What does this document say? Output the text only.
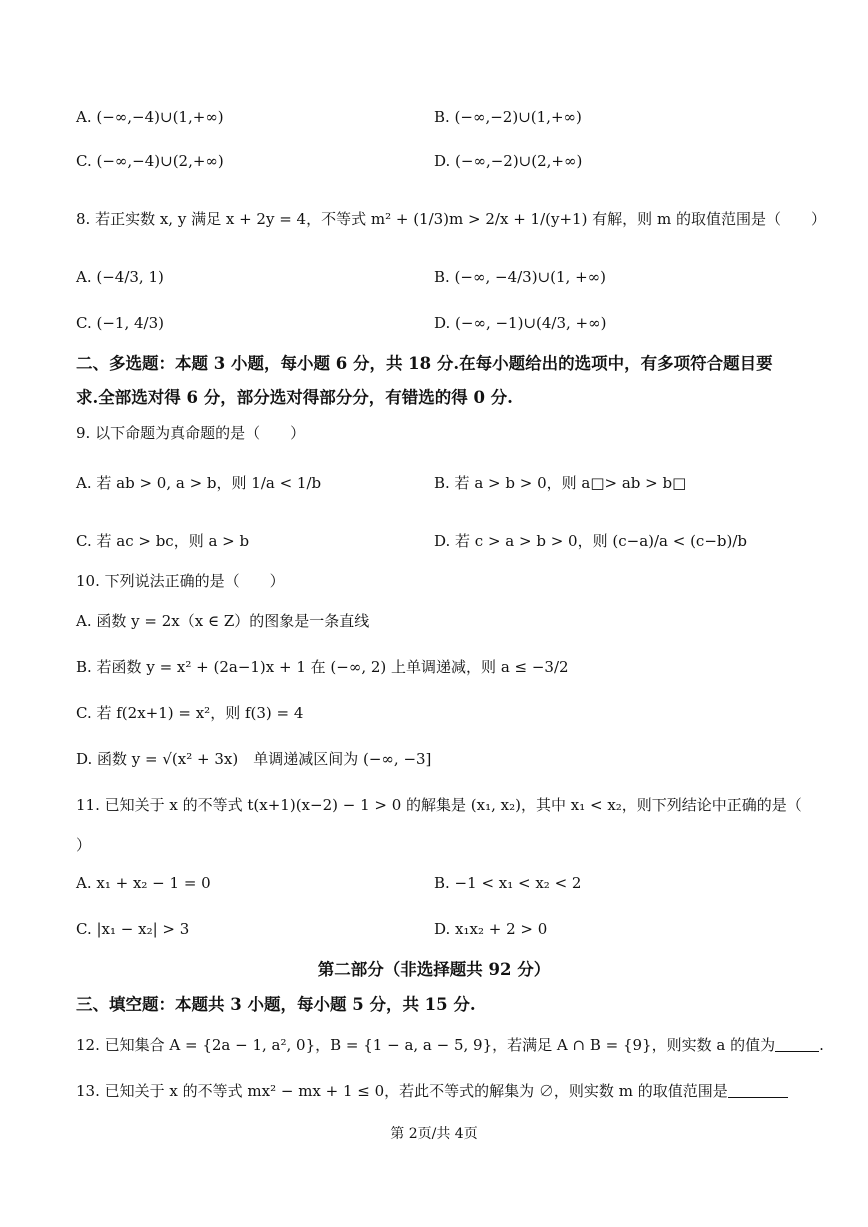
A. (−∞,−4)∪(1,+∞)	B. (−∞,−2)∪(1,+∞)
C. (−∞,−4)∪(2,+∞)	D. (−∞,−2)∪(2,+∞)
8. 若正实数 x, y 满足 x + 2y = 4，不等式 m² + (1/3)m > 2/x + 1/(y+1) 有解，则 m 的取值范围是（　　）
A. (−4/3, 1)	B. (−∞, −4/3)∪(1, +∞)
C. (−1, 4/3)	D. (−∞, −1)∪(4/3, +∞)
二、多选题：本题 3 小题，每小题 6 分，共 18 分.在每小题给出的选项中，有多项符合题目要
求.全部选对得 6 分，部分选对得部分分，有错选的得 0 分.
9. 以下命题为真命题的是（　　）
A. 若 ab > 0, a > b，则 1/a < 1/b	B. 若 a > b > 0，则 a□> ab > b□
C. 若 ac > bc，则 a > b	D. 若 c > a > b > 0，则 (c−a)/a < (c−b)/b
10. 下列说法正确的是（　　）
A. 函数 y = 2x（x ∈ Z）的图象是一条直线
B. 若函数 y = x² + (2a−1)x + 1 在 (−∞, 2) 上单调递减，则 a ≤ −3/2
C. 若 f(2x+1) = x²，则 f(3) = 4
D. 函数 y = √(x² + 3x)　单调递减区间为 (−∞, −3]
11. 已知关于 x 的不等式 t(x+1)(x−2) − 1 > 0 的解集是 (x₁, x₂)，其中 x₁ < x₂，则下列结论中正确的是（
）
A. x₁ + x₂ − 1 = 0	B. −1 < x₁ < x₂ < 2
C. |x₁ − x₂| > 3	D. x₁x₂ + 2 > 0
第二部分（非选择题共 92 分）
三、填空题：本题共 3 小题，每小题 5 分，共 15 分.
12. 已知集合 A = {2a − 1, a², 0}，B = {1 − a, a − 5, 9}，若满足 A ∩ B = {9}，则实数 a 的值为	.
13. 已知关于 x 的不等式 mx² − mx + 1 ≤ 0，若此不等式的解集为 ∅，则实数 m 的取值范围是
第 2页/共 4页
